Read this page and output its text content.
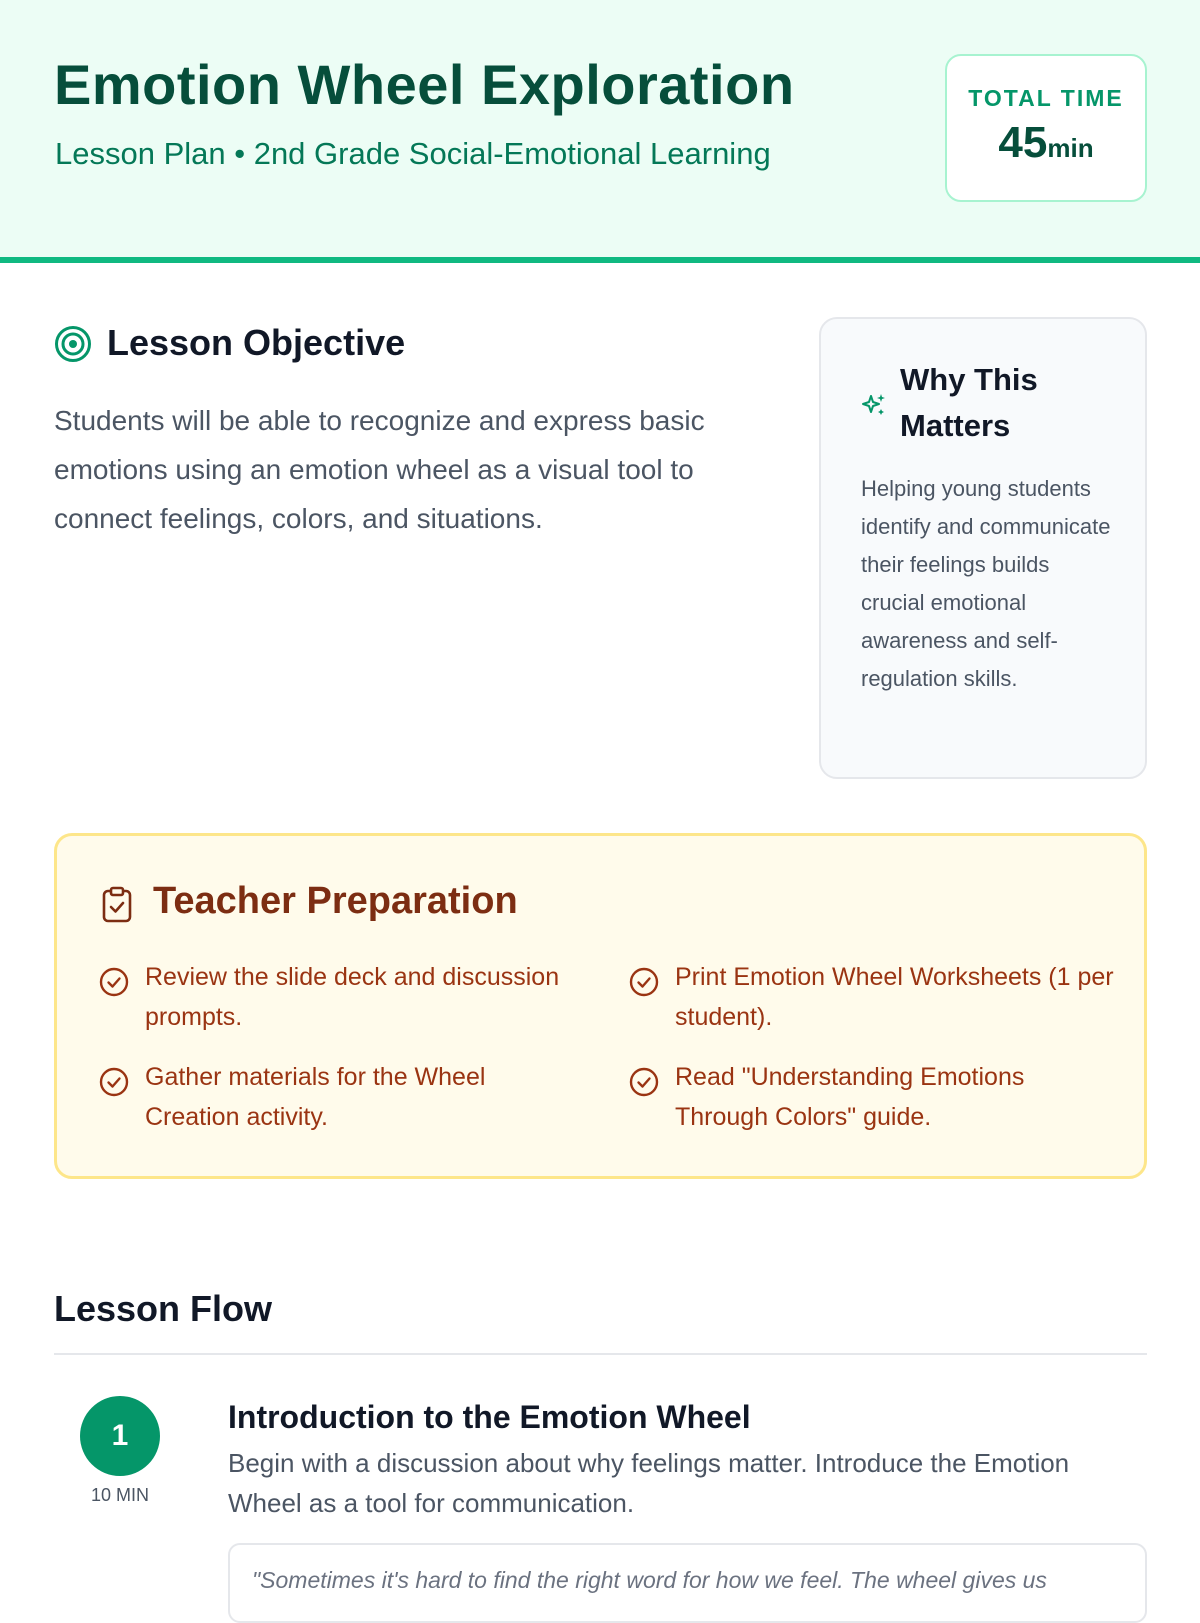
Emotion Wheel Exploration
Lesson Plan • 2nd Grade Social-Emotional Learning
TOTAL TIME
45min
Lesson Objective
Students will be able to recognize and express basic emotions using an emotion wheel as a visual tool to connect feelings, colors, and situations.
Why This Matters
Helping young students identify and communicate their feelings builds crucial emotional awareness and self-regulation skills.
Teacher Preparation
Review the slide deck and discussion prompts.
Print Emotion Wheel Worksheets (1 per student).
Gather materials for the Wheel Creation activity.
Read "Understanding Emotions Through Colors" guide.
Lesson Flow
1
10 MIN
Introduction to the Emotion Wheel
Begin with a discussion about why feelings matter. Introduce the Emotion Wheel as a tool for communication.
"Sometimes it's hard to find the right word for how we feel. The wheel gives us
